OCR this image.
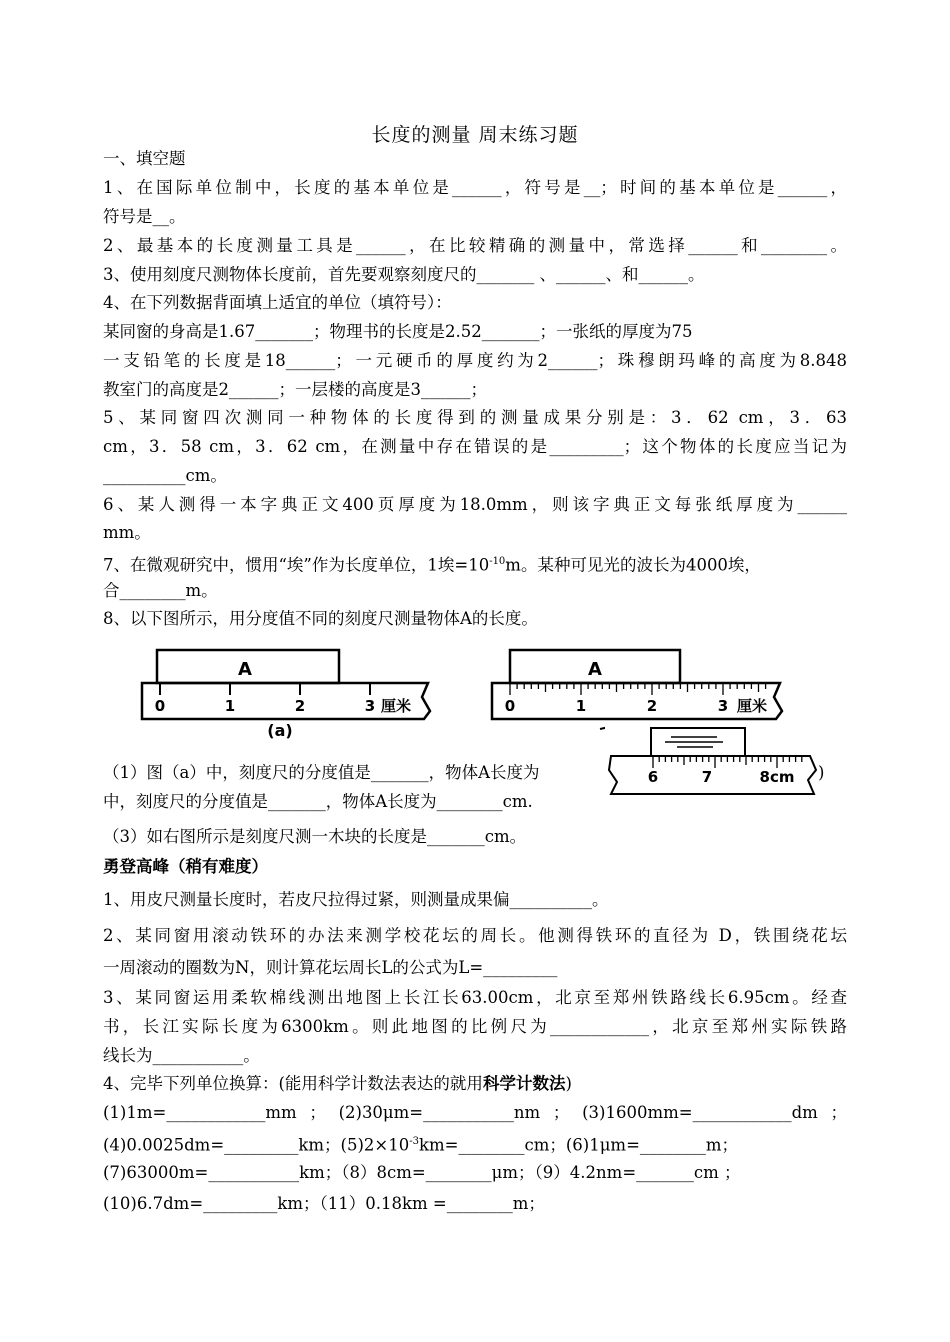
长度的测量 周末练习题
一、填空题
1、在国际单位制中，长度的基本单位是______，符号是__；时间的基本单位是______，
符号是__。
2、最基本的长度测量工具是______，在比较精确的测量中，常选择______和________。
3、使用刻度尺测物体长度前，首先要观察刻度尺的_______ 、______、和______。
4、在下列数据背面填上适宜的单位（填符号）：
某同窗的身高是1.67_______；物理书的长度是2.52_______；一张纸的厚度为75
一支铅笔的长度是18______；一元硬币的厚度约为2______；珠穆朗玛峰的高度为8.848
教室门的高度是2______；一层楼的高度是3______；
5、某同窗四次测同一种物体的长度得到的测量成果分别是：3．62 cm，3．63
cm，3．58 cm，3．62 cm，在测量中存在错误的是_________；这个物体的长度应当记为
__________cm。
6、某人测得一本字典正文400页厚度为18.0mm，则该字典正文每张纸厚度为______
mm。
7、在微观研究中，惯用“埃”作为长度单位，1埃$=10^{-10}m$。某种可见光的波长为4000埃，
合________m。
8、以下图所示，用分度值不同的刻度尺测量物体A的长度。
A
0	1	2	3 厘米
(a)
A
0	1	2	3 厘米
6	7	8cm
（1）图（a）中，刻度尺的分度值是_______，物体A长度为	)
中，刻度尺的分度值是_______，物体A长度为________cm.
（3）如右图所示是刻度尺测一木块的长度是_______cm。
勇登高峰（稍有难度）
1、用皮尺测量长度时，若皮尺拉得过紧，则测量成果偏__________。
2、某同窗用滚动铁环的办法来测学校花坛的周长。他测得铁环的直径为 D，铁围绕花坛
一周滚动的圈数为N，则计算花坛周长L的公式为L=_________
3、某同窗运用柔软棉线测出地图上长江长63.00cm，北京至郑州铁路线长6.95cm。经查
书，长江实际长度为6300km。则此地图的比例尺为____________，北京至郑州实际铁路
线长为___________。
4、完毕下列单位换算：(能用科学计数法表达的就用科学计数法)
(1)1m=____________mm ； (2)30μm=___________nm ； (3)1600mm=____________dm ；
(4)0.0025dm=_________km；$(5)2\times 10^{-3}km=\_\_\_\_\_\_\_\_cm$；(6)1μm=________m；
(7)63000m=___________km；（8）8cm=________μm；（9）4.2nm=_______cm ；
(10)6.7dm=_________km；（11）0.18km =________m；
